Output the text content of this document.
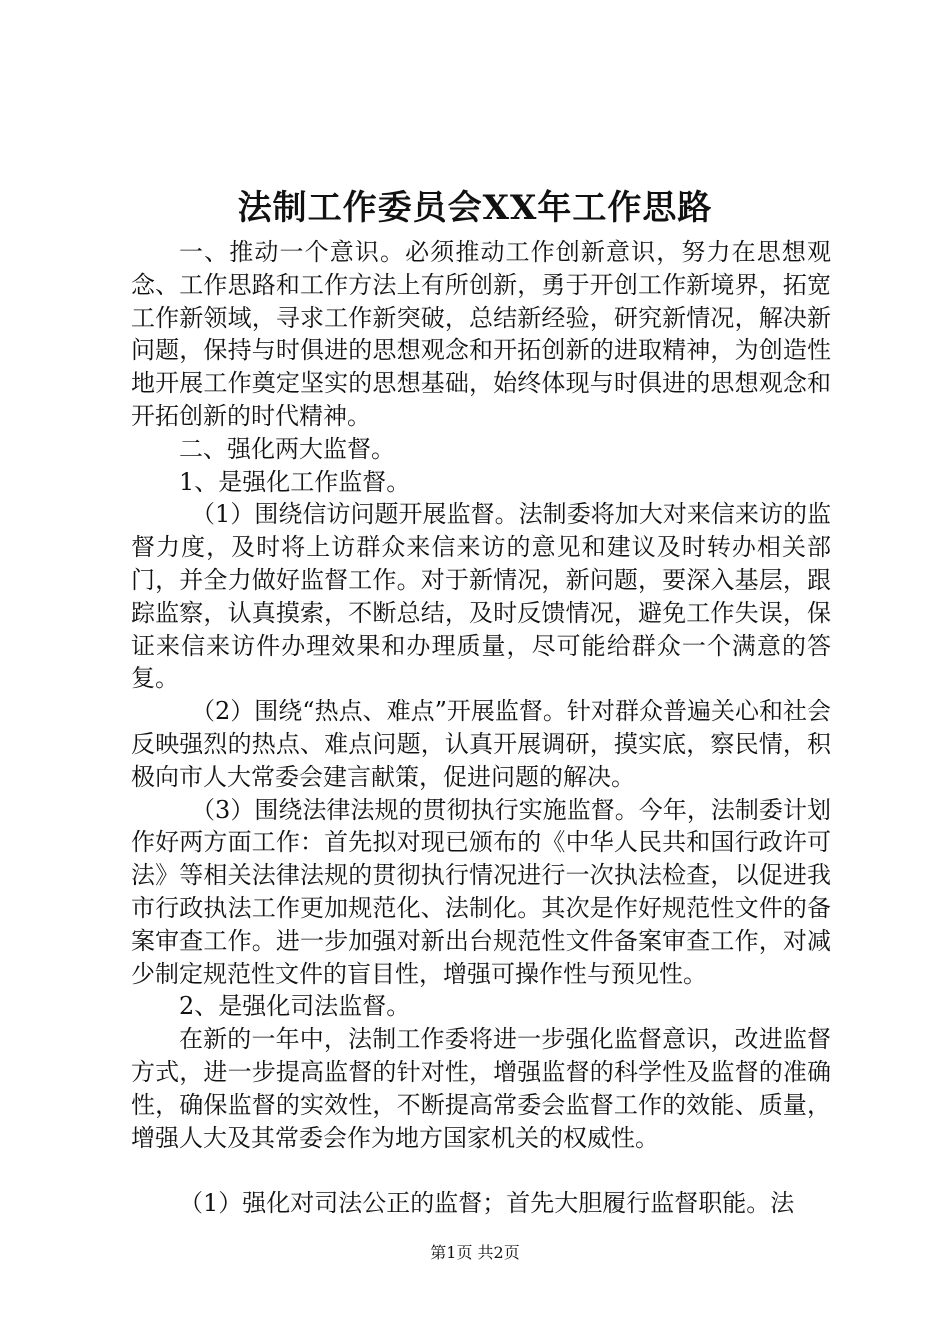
法制工作委员会XX年工作思路

一、推动一个意识。必须推动工作创新意识，努力在思想观念、工作思路和工作方法上有所创新，勇于开创工作新境界，拓宽工作新领域，寻求工作新突破，总结新经验，研究新情况，解决新问题，保持与时俱进的思想观念和开拓创新的进取精神，为创造性地开展工作奠定坚实的思想基础，始终体现与时俱进的思想观念和开拓创新的时代精神。

二、强化两大监督。

1、是强化工作监督。

（1）围绕信访问题开展监督。法制委将加大对来信来访的监督力度，及时将上访群众来信来访的意见和建议及时转办相关部门，并全力做好监督工作。对于新情况，新问题，要深入基层，跟踪监察，认真摸索，不断总结，及时反馈情况，避免工作失误，保证来信来访件办理效果和办理质量，尽可能给群众一个满意的答复。

（2）围绕“热点、难点”开展监督。针对群众普遍关心和社会反映强烈的热点、难点问题，认真开展调研，摸实底，察民情，积极向市人大常委会建言献策，促进问题的解决。

（3）围绕法律法规的贯彻执行实施监督。今年，法制委计划作好两方面工作：首先拟对现已颁布的《中华人民共和国行政许可法》等相关法律法规的贯彻执行情况进行一次执法检查，以促进我市行政执法工作更加规范化、法制化。其次是作好规范性文件的备案审查工作。进一步加强对新出台规范性文件备案审查工作，对减少制定规范性文件的盲目性，增强可操作性与预见性。

2、是强化司法监督。

在新的一年中，法制工作委将进一步强化监督意识，改进监督方式，进一步提高监督的针对性，增强监督的科学性及监督的准确性，确保监督的实效性，不断提高常委会监督工作的效能、质量，增强人大及其常委会作为地方国家机关的权威性。

（1）强化对司法公正的监督；首先大胆履行监督职能。法

第1页 共2页
